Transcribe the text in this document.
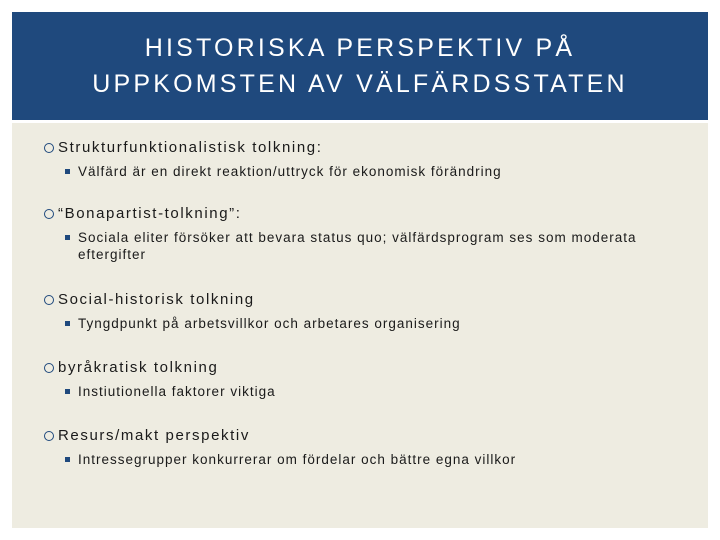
HISTORISKA PERSPEKTIV PÅ
UPPKOMSTEN AV VÄLFÄRDSSTATEN
Strukturfunktionalistisk tolkning:
Välfärd är en direkt reaktion/uttryck för ekonomisk förändring
“Bonapartist-tolkning”:
Sociala eliter försöker att bevara status quo; välfärdsprogram ses som moderata eftergifter
Social-historisk tolkning
Tyngdpunkt på arbetsvillkor och arbetares organisering
byråkratisk tolkning
Instiutionella faktorer viktiga
Resurs/makt perspektiv
Intressegrupper konkurrerar om fördelar och bättre egna villkor
